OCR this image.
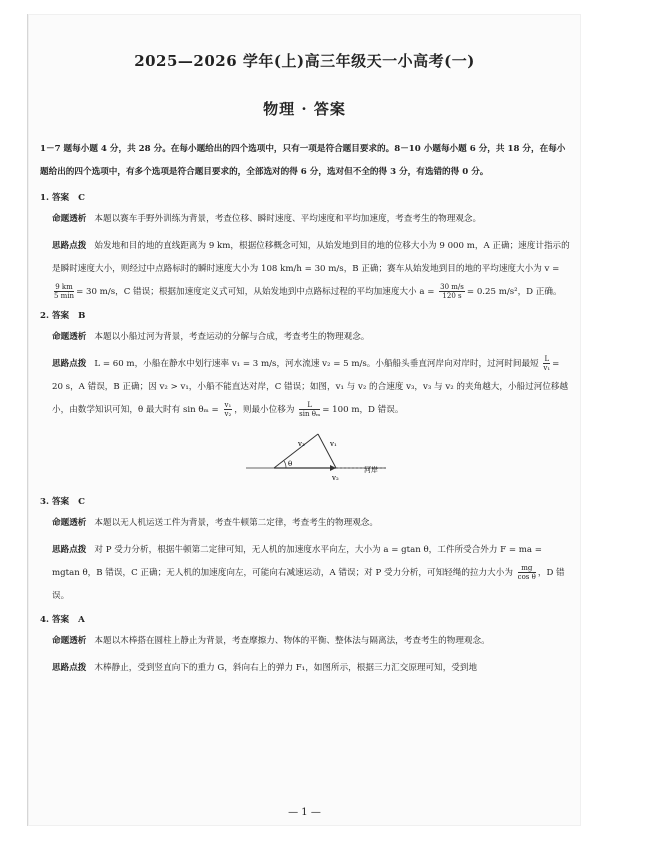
2025—2026 学年(上)高三年级天一小高考(一)
物理 · 答案
1－7 题每小题 4 分，共 28 分。在每小题给出的四个选项中，只有一项是符合题目要求的。8－10 小题每小题 6 分，共 18 分，在每小题给出的四个选项中，有多个选项是符合题目要求的，全部选对的得 6 分，选对但不全的得 3 分，有选错的得 0 分。
1. 答案 C
命题透析 本题以赛车手野外训练为背景，考查位移、瞬时速度、平均速度和平均加速度，考查考生的物理观念。
思路点拨 始发地和目的地的直线距离为 9 km，根据位移概念可知，从始发地到目的地的位移大小为 9 000 m，A 正确；速度计指示的是瞬时速度大小，则经过中点路标时的瞬时速度大小为 108 km/h = 30 m/s，B 正确；赛车从始发地到目的地的平均速度大小为 v =
$\frac{9 km}{5 \min} = 30$ m/s，C 错误；根据加速度定义式可知，从始发地到中点路标过程的平均加速度大小 $a = \frac{30 m/s}{120 s} = 0.25$ m/s²，D 正确。
2. 答案 B
命题透析 本题以小船过河为背景，考查运动的分解与合成，考查考生的物理观念。
思路点拨 L = 60 m，小船在静水中划行速率 v₁ = 3 m/s，河水流速 v₂ = 5 m/s。小船船头垂直河岸向对岸时，过河时间最短 $\frac{L}{\text{v₁}} = 20$ s，A 错误，B 正确；因 v₂ > v₁，小船不能直达对岸，C 错误；如图，v₁ 与 v₂ 的合速度 v₃，v₃ 与 v₂ 的夹角越大，小船过河位移越小，由数学知识可知，θ 最大时有 $\sin \theta_m = \frac{\text{v₁}}{\text{v₂}}$ ，则最小位移为 $\frac{L}{\text{sin θₘ}} = 100$ m，D 错误。
v₃	v₁
v₂
θ
河岸
3. 答案 C
命题透析 本题以无人机运送工件为背景，考查牛顿第二定律，考查考生的物理观念。
思路点拨 对 P 受力分析，根据牛顿第二定律可知，无人机的加速度水平向左，大小为 a = gtan θ，工件所受合外力 F = ma = mgtan θ，B 错误，C 正确；无人机的加速度向左，可能向右减速运动，A 错误；对 P 受力分析，可知轻绳的拉力大小为 $\frac{mg}{\text{cos θ}}$ ，D 错误。
4. 答案 A
命题透析 本题以木棒搭在圆柱上静止为背景，考查摩擦力、物体的平衡、整体法与隔离法，考查考生的物理观念。
思路点拨 木棒静止，受到竖直向下的重力 G，斜向右上的弹力 F₁，如图所示，根据三力汇交原理可知，受到地
— 1 —
